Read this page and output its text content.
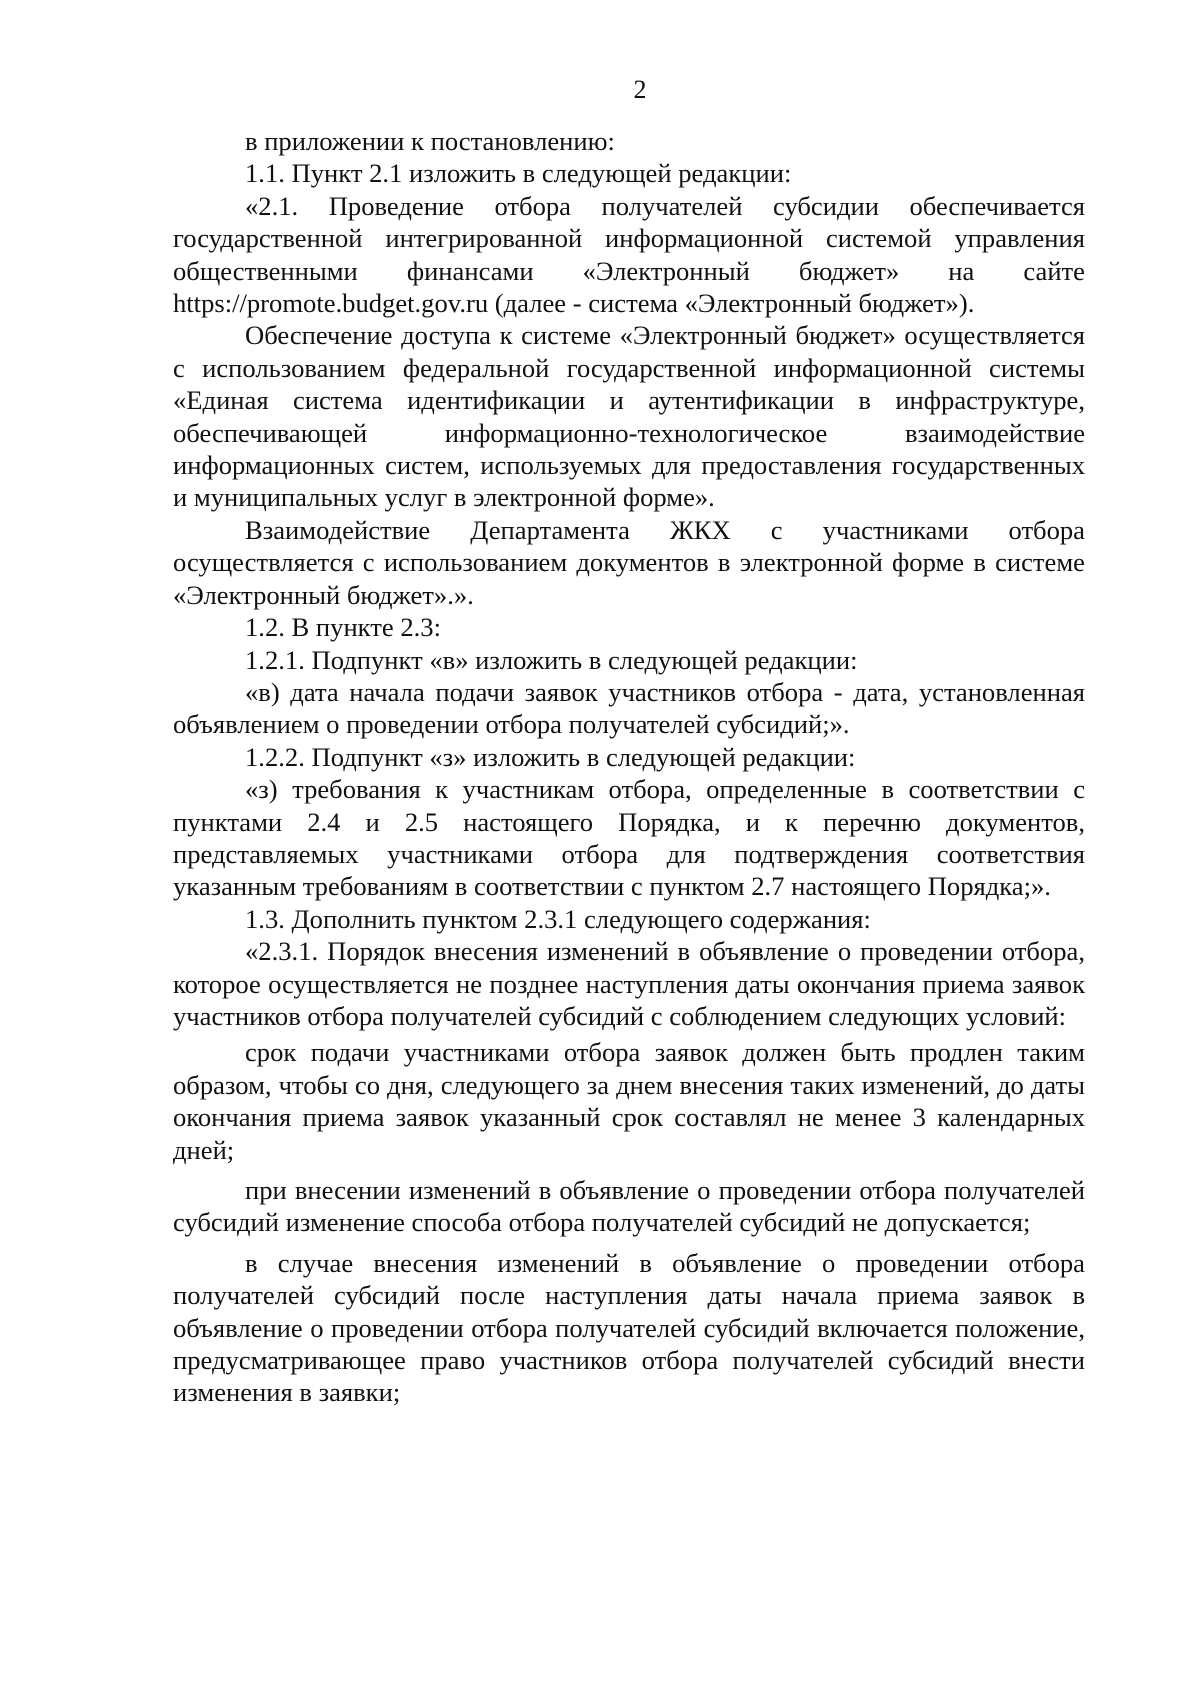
2

в приложении к постановлению:

1.1. Пункт 2.1 изложить в следующей редакции:

«2.1. Проведение отбора получателей субсидии обеспечивается государственной интегрированной информационной системой управления общественными финансами «Электронный бюджет» на сайте https://promote.budget.gov.ru (далее - система «Электронный бюджет»).

Обеспечение доступа к системе «Электронный бюджет» осуществляется с использованием федеральной государственной информационной системы «Единая система идентификации и аутентификации в инфраструктуре, обеспечивающей информационно-технологическое взаимодействие информационных систем, используемых для предоставления государственных и муниципальных услуг в электронной форме».

Взаимодействие Департамента ЖКХ с участниками отбора осуществляется с использованием документов в электронной форме в системе «Электронный бюджет».».

1.2. В пункте 2.3:

1.2.1. Подпункт «в» изложить в следующей редакции:

«в) дата начала подачи заявок участников отбора - дата, установленная объявлением о проведении отбора получателей субсидий;».

1.2.2. Подпункт «з» изложить в следующей редакции:

«з) требования к участникам отбора, определенные в соответствии с пунктами 2.4 и 2.5 настоящего Порядка, и к перечню документов, представляемых участниками отбора для подтверждения соответствия указанным требованиям в соответствии с пунктом 2.7 настоящего Порядка;».

1.3. Дополнить пунктом 2.3.1 следующего содержания:

«2.3.1. Порядок внесения изменений в объявление о проведении отбора, которое осуществляется не позднее наступления даты окончания приема заявок участников отбора получателей субсидий с соблюдением следующих условий:

срок подачи участниками отбора заявок должен быть продлен таким образом, чтобы со дня, следующего за днем внесения таких изменений, до даты окончания приема заявок указанный срок составлял не менее 3 календарных дней;

при внесении изменений в объявление о проведении отбора получателей субсидий изменение способа отбора получателей субсидий не допускается;

в случае внесения изменений в объявление о проведении отбора получателей субсидий после наступления даты начала приема заявок в объявление о проведении отбора получателей субсидий включается положение, предусматривающее право участников отбора получателей субсидий внести изменения в заявки;
